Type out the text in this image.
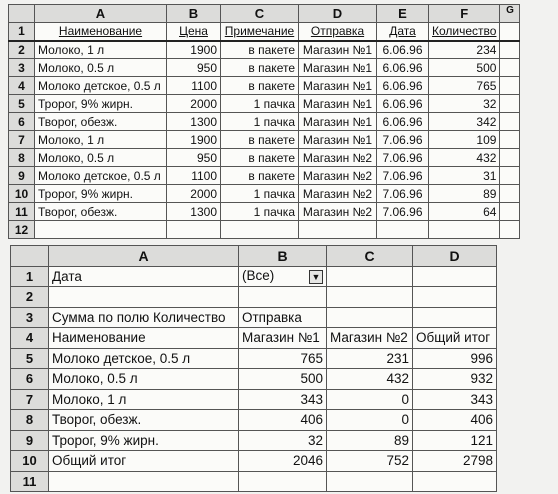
	A	B	C	D	E	F	G
1	Наименование	Цена	Примечание	Отправка	Дата	Количество	
2	Молоко, 1 л	1900	в пакете	Магазин №1	6.06.96	234	
3	Молоко, 0.5 л	950	в пакете	Магазин №1	6.06.96	500	
4	Молоко детское, 0.5 л	1100	в пакете	Магазин №1	6.06.96	765	
5	Тророг, 9% жирн.	2000	1 пачка	Магазин №1	6.06.96	32	
6	Творог, обезж.	1300	1 пачка	Магазин №1	6.06.96	342	
7	Молоко, 1 л	1900	в пакете	Магазин №1	7.06.96	109	
8	Молоко, 0.5 л	950	в пакете	Магазин №2	7.06.96	432	
9	Молоко детское, 0.5 л	1100	в пакете	Магазин №2	7.06.96	31	
10	Тророг, 9% жирн.	2000	1 пачка	Магазин №2	7.06.96	89	
11	Творог, обезж.	1300	1 пачка	Магазин №2	7.06.96	64	
12							
	A	B	C	D
1	Дата	(Все) ▼		

2				
3	Сумма по полю Количество	Отправка		
4	Наименование	Магазин №1	Магазин №2	Общий итог
5	Молоко детское, 0.5 л	765	231	996
6	Молоко, 0.5 л	500	432	932
7	Молоко, 1 л	343	0	343
8	Творог, обезж.	406	0	406
9	Тророг, 9% жирн.	32	89	121
10	Общий итог	2046	752	2798
11				
